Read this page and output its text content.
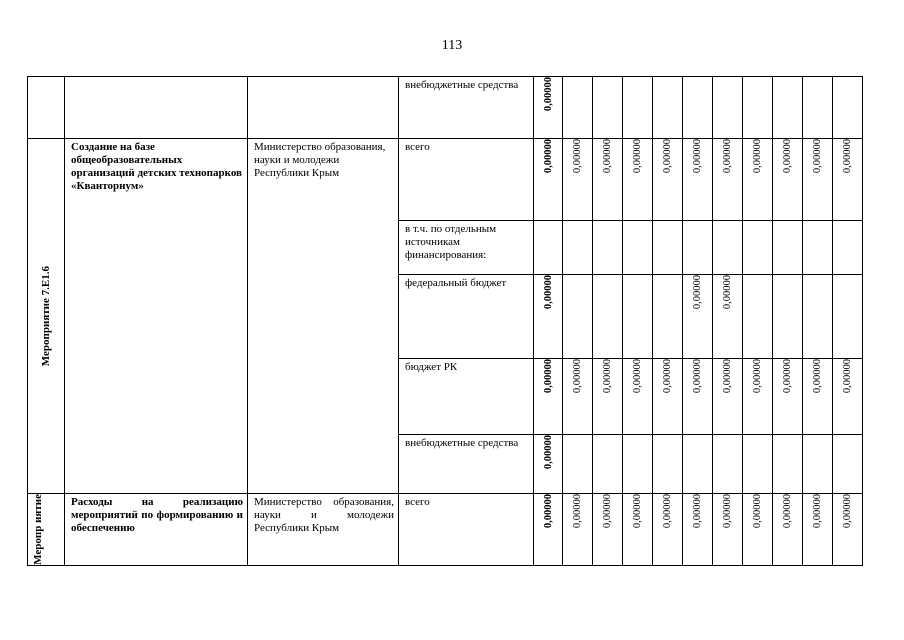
113
			внебюджетные средства	0,00000										

Мероприятие 7.Е1.6	Создание на базе общеобразовательных организаций детских технопарков «Кванторнум»	Министерство образования, науки и молодежи Республики Крым	всего	0,00000	0,00000	0,00000	0,00000	0,00000	0,00000	0,00000	0,00000	0,00000	0,00000	0,00000
			в т.ч. по отдельным источникам финансирования:											
			федеральный бюджет	0,00000					0,00000	0,00000				
			бюджет РК	0,00000	0,00000	0,00000	0,00000	0,00000	0,00000	0,00000	0,00000	0,00000	0,00000	0,00000
			внебюджетные средства	0,00000										

Меропр иятие	Расходы на реализацию мероприятий по формированию и обеспечению	Министерство образования, науки и молодежи Республики Крым	всего	0,00000	0,00000	0,00000	0,00000	0,00000	0,00000	0,00000	0,00000	0,00000	0,00000	0,00000
